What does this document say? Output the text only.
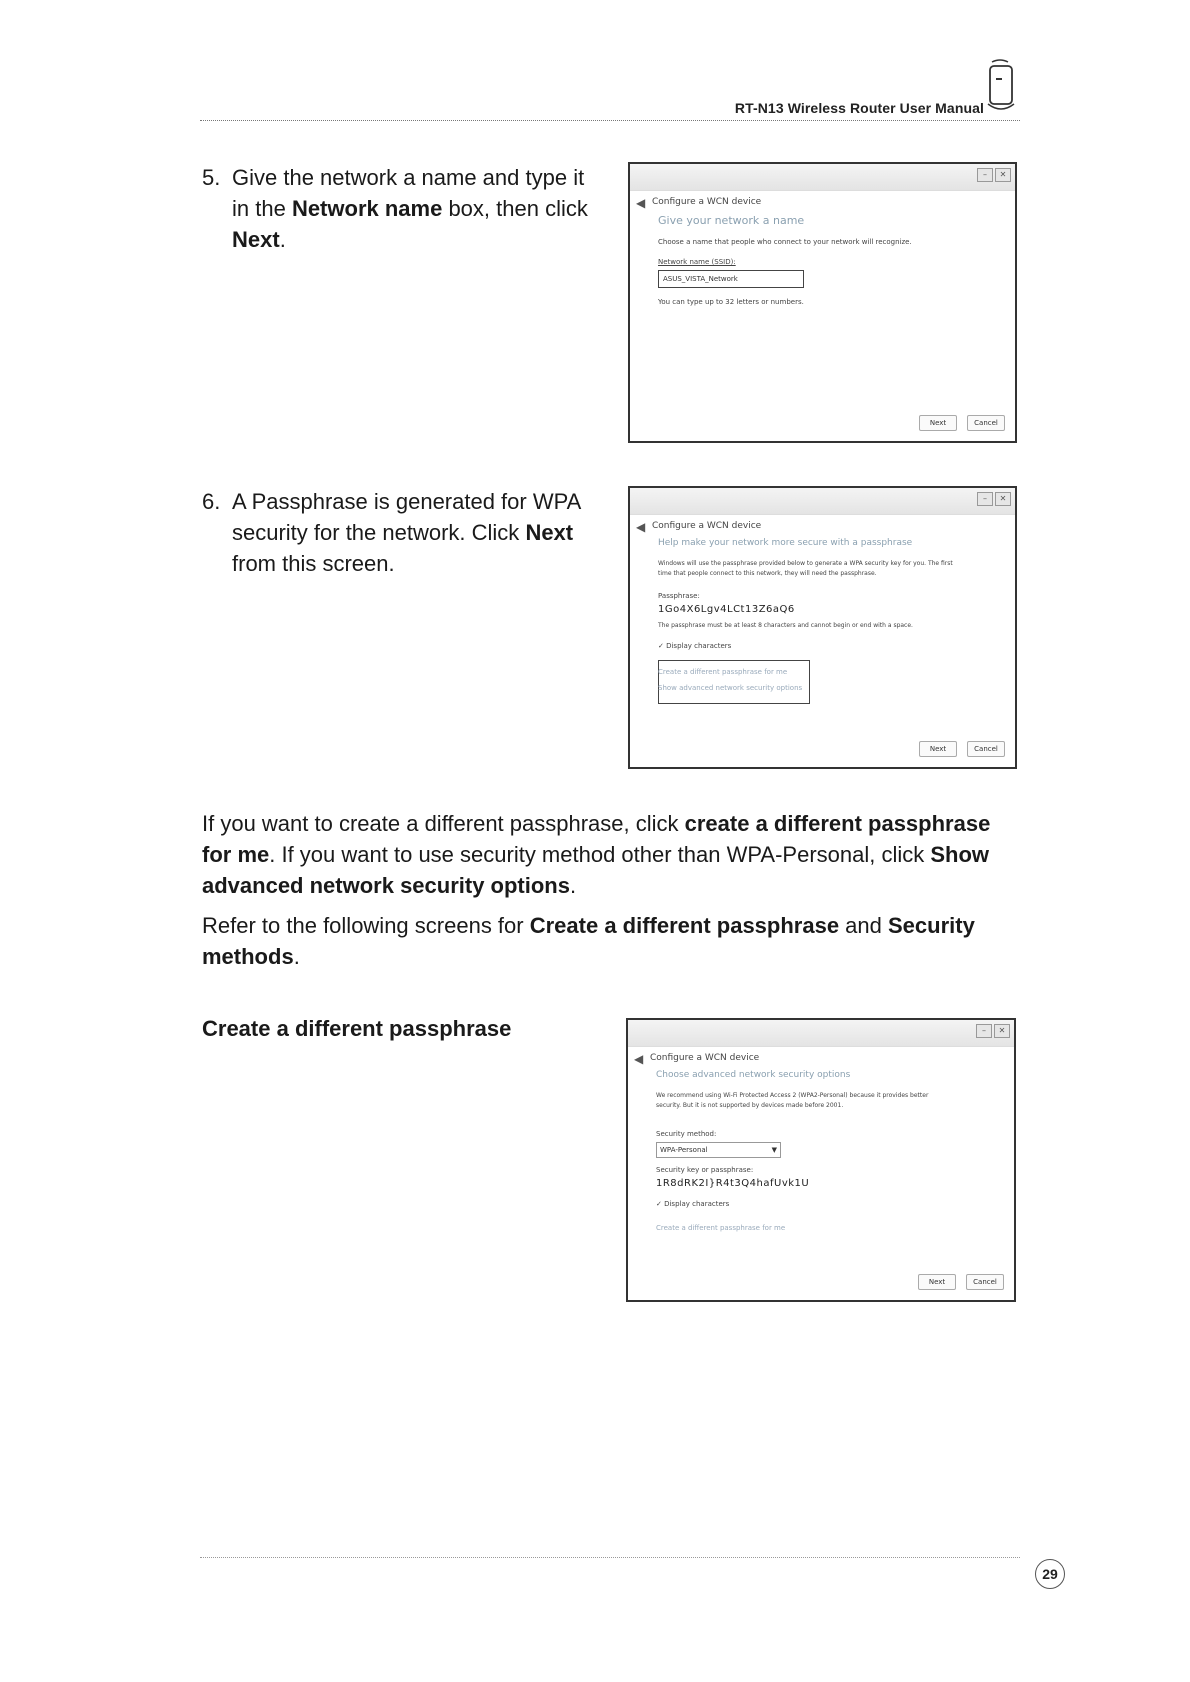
RT-N13 Wireless Router User Manual
5. Give the network a name and type it
in the Network name box, then click
Next.
–	✕
◀ Configure a WCN device
Give your network a name
Choose a name that people who connect to your network will recognize.
Network name (SSID):
ASUS_VISTA_Network
You can type up to 32 letters or numbers.
Next	Cancel
6. A Passphrase is generated for WPA
security for the network. Click Next
from this screen.
–	✕
◀ Configure a WCN device
Help make your network more secure with a passphrase
Windows will use the passphrase provided below to generate a WPA security key for you. The first
time that people connect to this network, they will need the passphrase.
Passphrase:
1Go4X6Lgv4LCt13Z6aQ6
The passphrase must be at least 8 characters and cannot begin or end with a space.
✓ Display characters
Create a different passphrase for me
Show advanced network security options
Next	Cancel
If you want to create a different passphrase, click create a different passphrase
for me. If you want to use security method other than WPA-Personal, click Show
advanced network security options.
Refer to the following screens for Create a different passphrase and Security
methods.
Create a different passphrase	–	✕
◀ Configure a WCN device
Choose advanced network security options
We recommend using Wi-Fi Protected Access 2 (WPA2-Personal) because it provides better
security. But it is not supported by devices made before 2001.
Security method:
WPA-Personal	▼
Security key or passphrase:
1R8dRK2I}R4t3Q4hafUvk1U
✓ Display characters
Create a different passphrase for me
Next	Cancel
29
